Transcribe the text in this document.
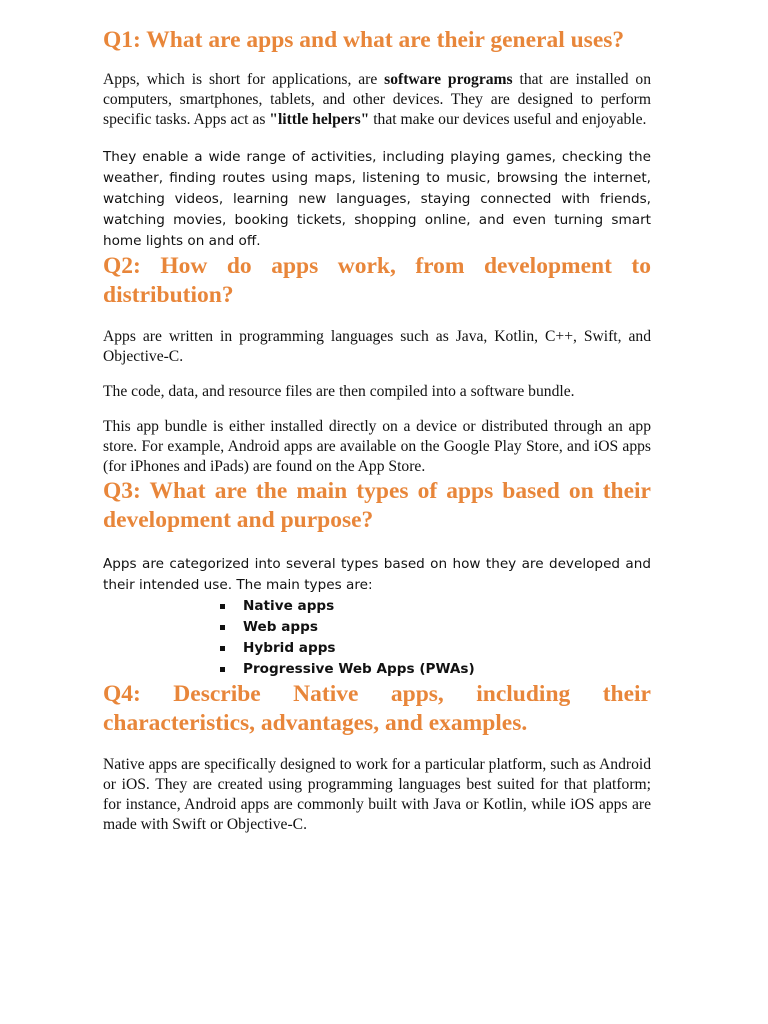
Q1: What are apps and what are their general uses?

Apps, which is short for applications, are software programs that are installed on computers, smartphones, tablets, and other devices. They are designed to perform specific tasks. Apps act as "little helpers" that make our devices useful and enjoyable.

They enable a wide range of activities, including playing games, checking the weather, finding routes using maps, listening to music, browsing the internet, watching videos, learning new languages, staying connected with friends, watching movies, booking tickets, shopping online, and even turning smart home lights on and off.

Q2: How do apps work, from development to distribution?

Apps are written in programming languages such as Java, Kotlin, C++, Swift, and Objective-C.

The code, data, and resource files are then compiled into a software bundle.

This app bundle is either installed directly on a device or distributed through an app store. For example, Android apps are available on the Google Play Store, and iOS apps (for iPhones and iPads) are found on the App Store.

Q3: What are the main types of apps based on their development and purpose?

Apps are categorized into several types based on how they are developed and their intended use. The main types are:

Native apps
Web apps
Hybrid apps
Progressive Web Apps (PWAs)
Q4: Describe Native apps, including their characteristics, advantages, and examples.

Native apps are specifically designed to work for a particular platform, such as Android or iOS. They are created using programming languages best suited for that platform; for instance, Android apps are commonly built with Java or Kotlin, while iOS apps are made with Swift or Objective-C.
